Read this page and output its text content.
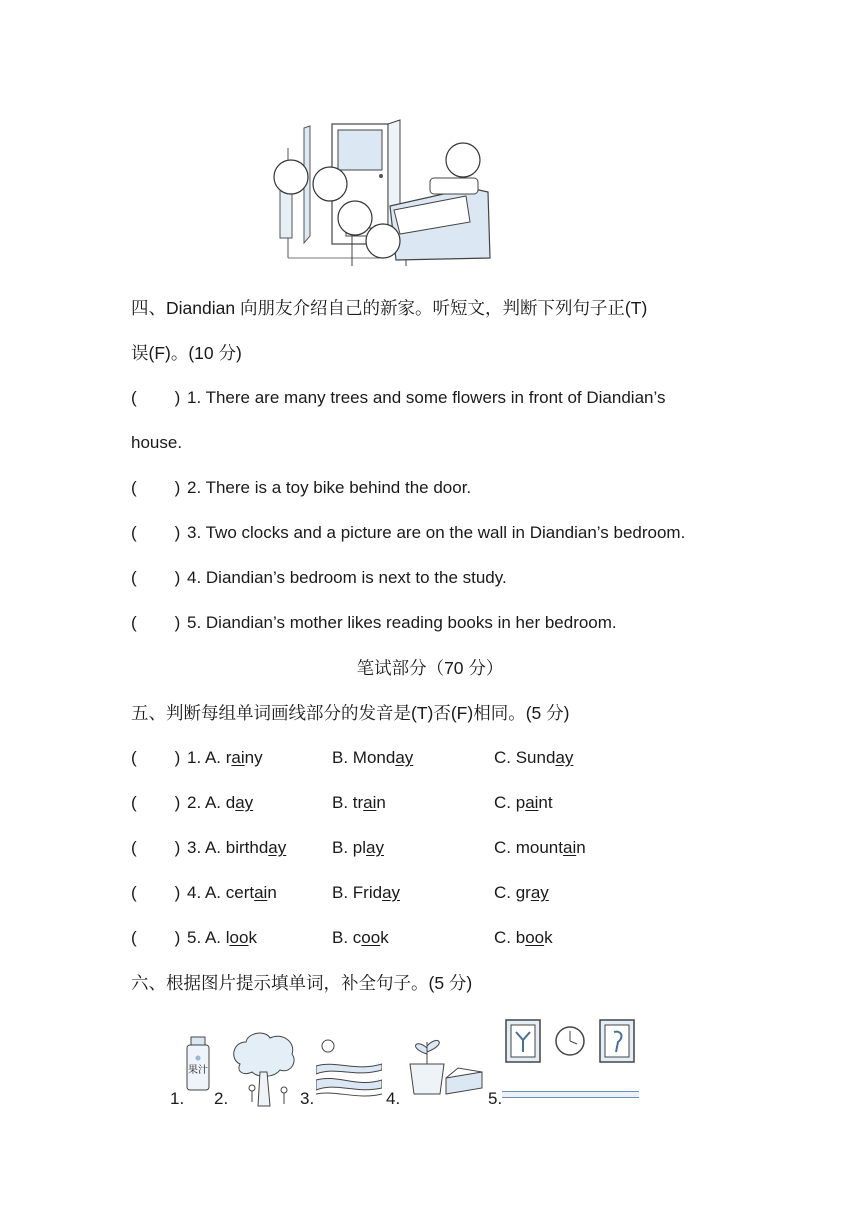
四、Diandian 向朋友介绍自己的新家。听短文，判断下列句子正(T)
误(F)。(10 分)
( ) 1. There are many trees and some flowers in front of Diandian’s
house.
( ) 2. There is a toy bike behind the door.
( ) 3. Two clocks and a picture are on the wall in Diandian’s bedroom.
( ) 4. Diandian’s bedroom is next to the study.
( ) 5. Diandian’s mother likes reading books in her bedroom.
笔试部分（70 分）
五、判断每组单词画线部分的发音是(T)否(F)相同。(5 分)
( ) 1. A. rainy	B. Monday	C. Sunday
( ) 2. A. day	B. train	C. paint
( ) 3. A. birthday	B. play	C. mountain
( ) 4. A. certain	B. Friday	C. gray
( ) 5. A. look	B. cook	C. book
六、根据图片提示填单词，补全句子。(5 分)
果汁
1. 2.	3.	4.	5.
